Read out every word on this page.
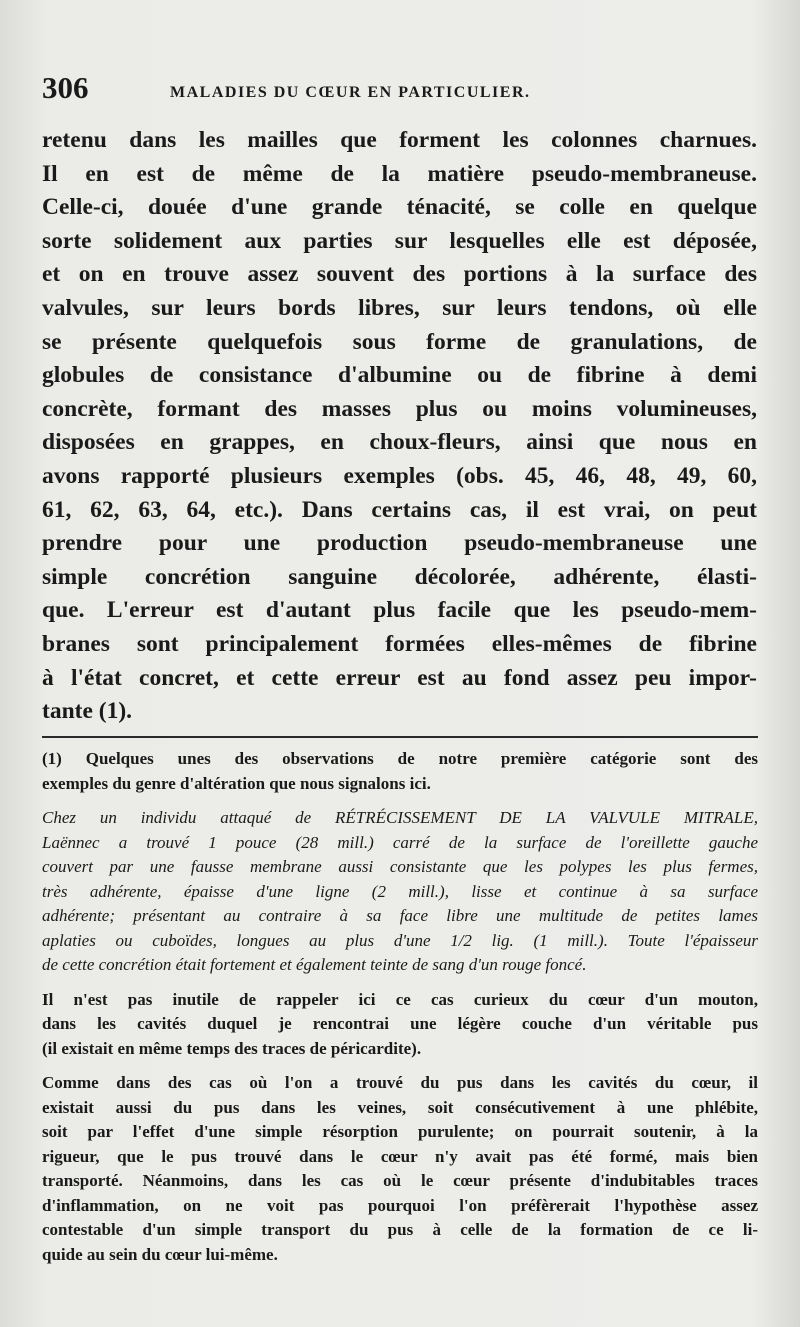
306	MALADIES DU CŒUR EN PARTICULIER.
retenu dans les mailles que forment les colonnes charnues.
Il en est de même de la matière pseudo-membraneuse.
Celle-ci, douée d'une grande ténacité, se colle en quelque
sorte solidement aux parties sur lesquelles elle est déposée,
et on en trouve assez souvent des portions à la surface des
valvules, sur leurs bords libres, sur leurs tendons, où elle
se présente quelquefois sous forme de granulations, de
globules de consistance d'albumine ou de fibrine à demi
concrète, formant des masses plus ou moins volumineuses,
disposées en grappes, en choux-fleurs, ainsi que nous en
avons rapporté plusieurs exemples (obs. 45, 46, 48, 49, 60,
61, 62, 63, 64, etc.). Dans certains cas, il est vrai, on peut
prendre pour une production pseudo-membraneuse une
simple concrétion sanguine décolorée, adhérente, élasti-
que. L'erreur est d'autant plus facile que les pseudo-mem-
branes sont principalement formées elles-mêmes de fibrine
à l'état concret, et cette erreur est au fond assez peu impor-
tante (1).
(1) Quelques unes des observations de notre première catégorie sont des
exemples du genre d'altération que nous signalons ici.
Chez un individu attaqué de RÉTRÉCISSEMENT DE LA VALVULE MITRALE,
Laënnec a trouvé 1 pouce (28 mill.) carré de la surface de l'oreillette gauche
couvert par une fausse membrane aussi consistante que les polypes les plus fermes,
très adhérente, épaisse d'une ligne (2 mill.), lisse et continue à sa surface
adhérente; présentant au contraire à sa face libre une multitude de petites lames
aplaties ou cuboïdes, longues au plus d'une 1/2 lig. (1 mill.). Toute l'épaisseur
de cette concrétion était fortement et également teinte de sang d'un rouge foncé.
Il n'est pas inutile de rappeler ici ce cas curieux du cœur d'un mouton,
dans les cavités duquel je rencontrai une légère couche d'un véritable pus
(il existait en même temps des traces de péricardite).
Comme dans des cas où l'on a trouvé du pus dans les cavités du cœur, il
existait aussi du pus dans les veines, soit consécutivement à une phlébite,
soit par l'effet d'une simple résorption purulente; on pourrait soutenir, à la
rigueur, que le pus trouvé dans le cœur n'y avait pas été formé, mais bien
transporté. Néanmoins, dans les cas où le cœur présente d'indubitables traces
d'inflammation, on ne voit pas pourquoi l'on préfèrerait l'hypothèse assez
contestable d'un simple transport du pus à celle de la formation de ce li-
quide au sein du cœur lui-même.
